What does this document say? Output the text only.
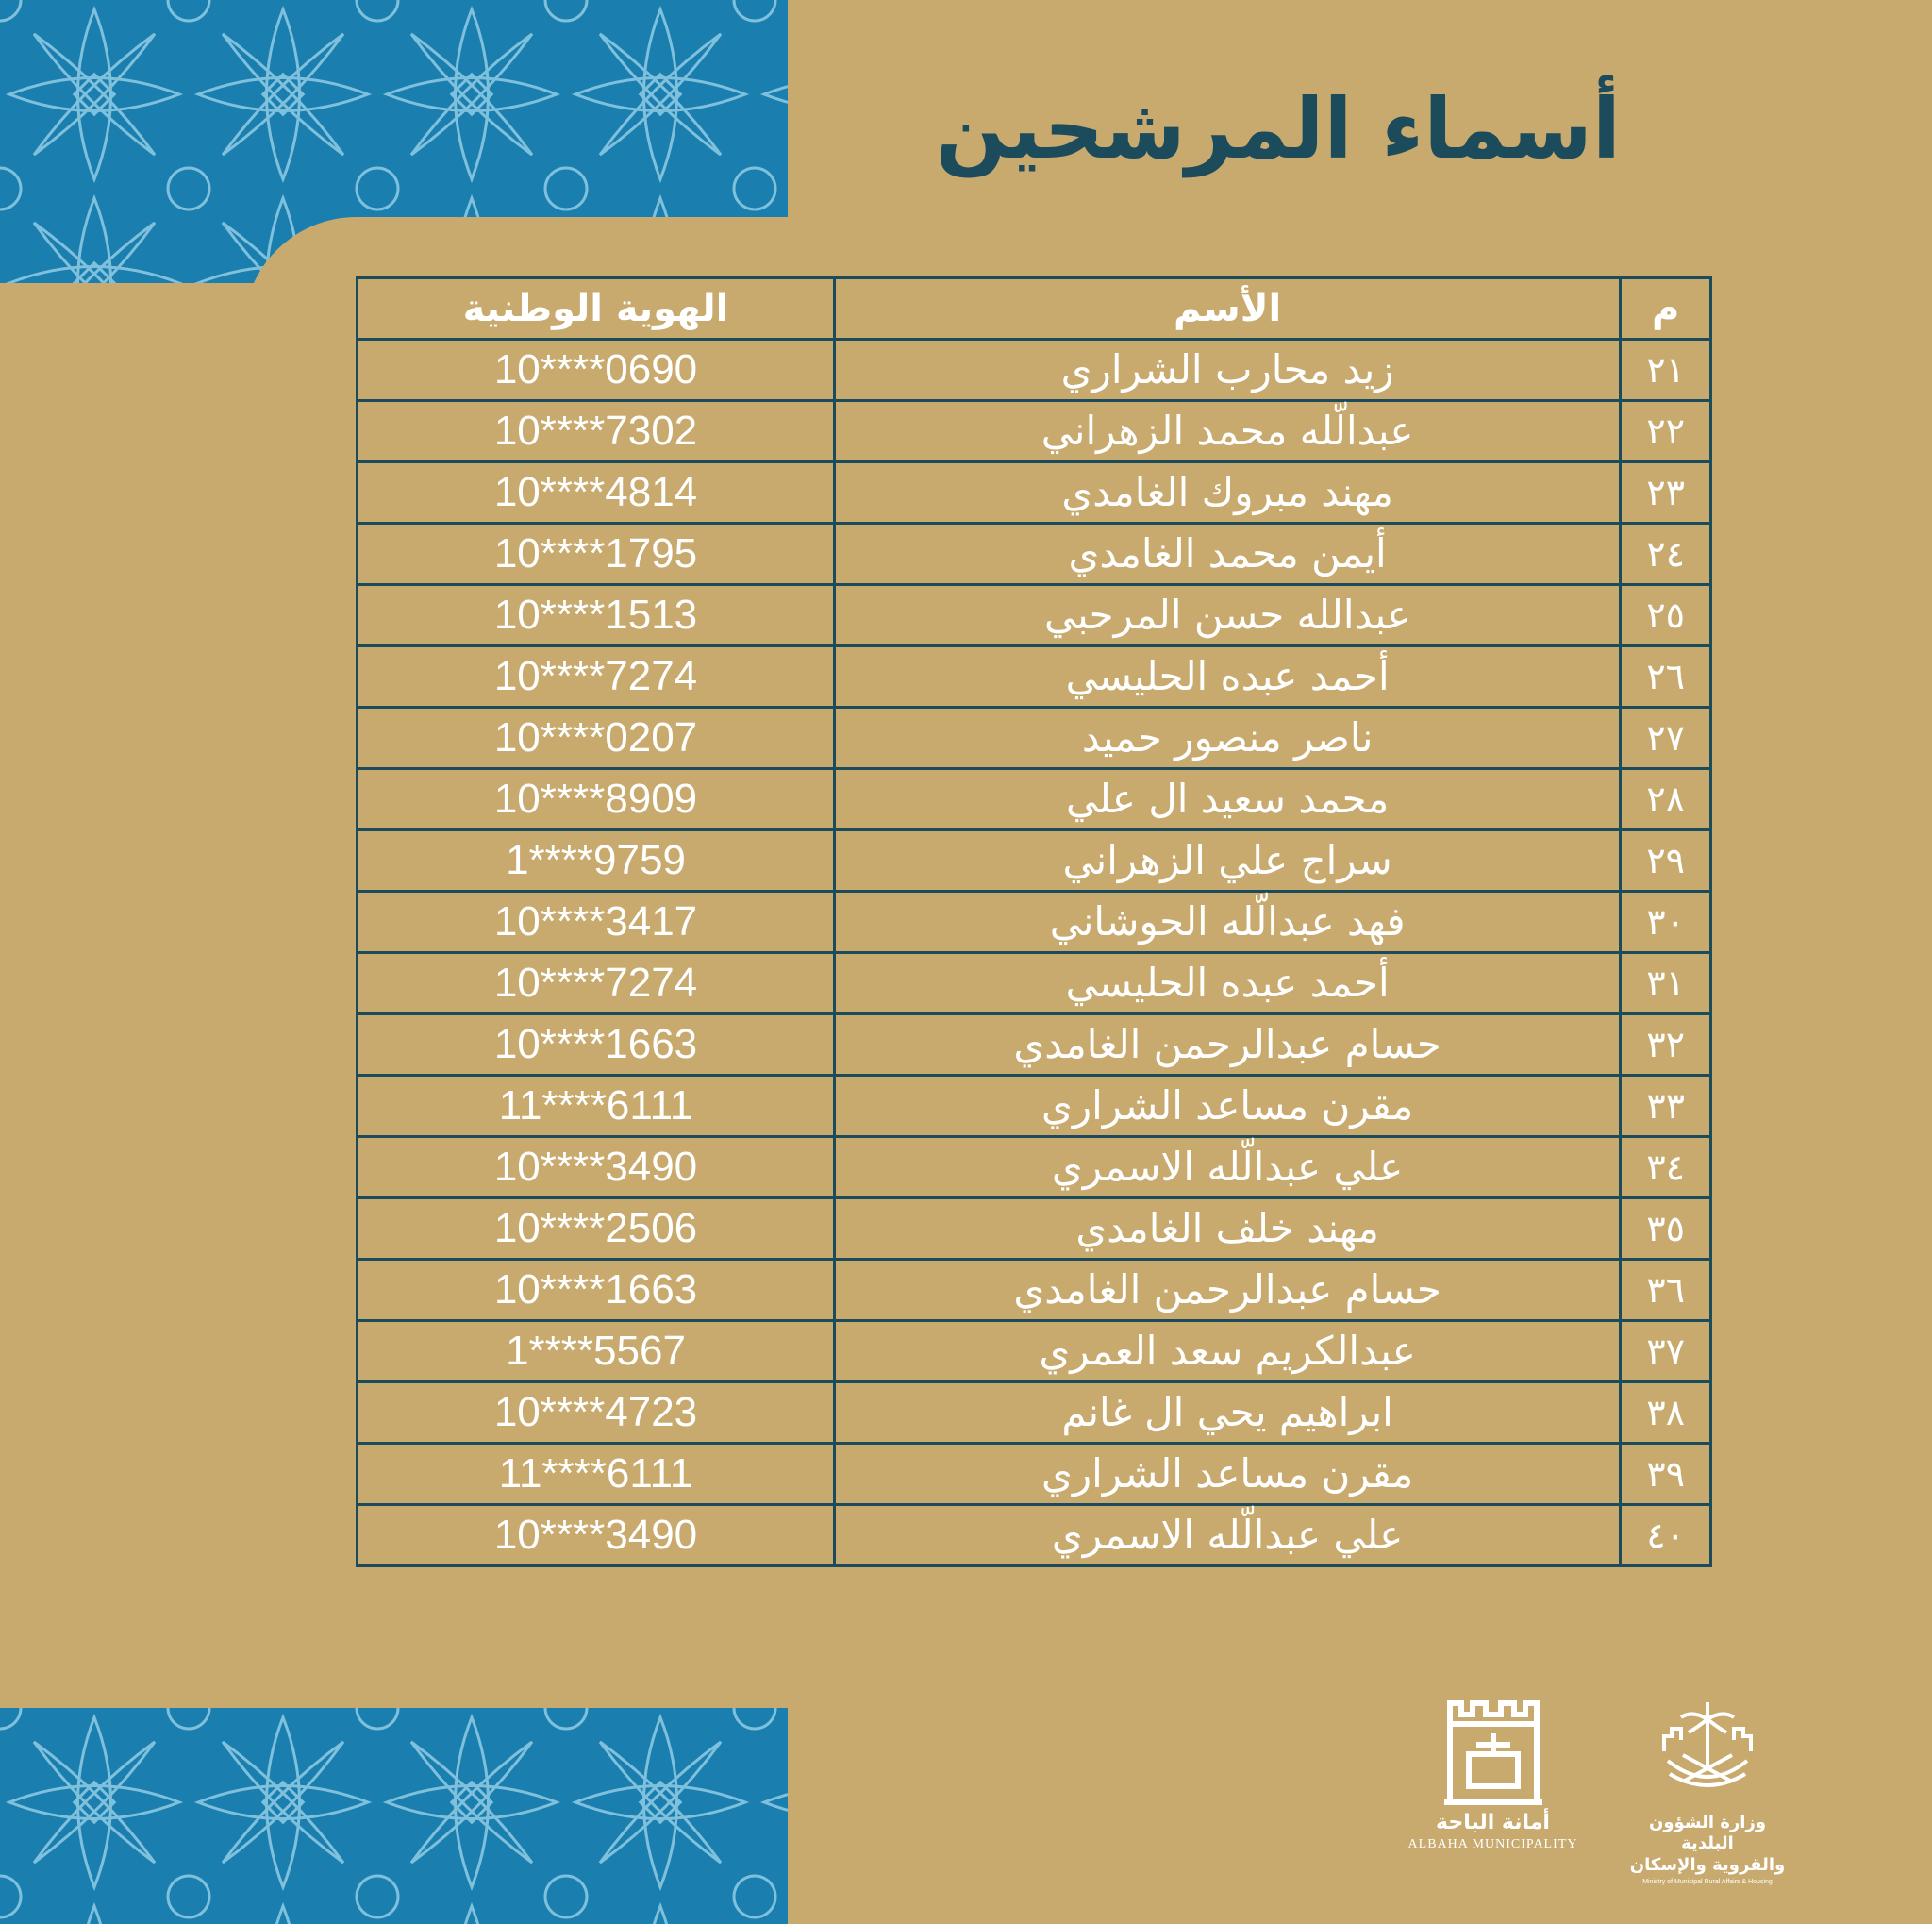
أسماء المرشحين
م	الأسم	الهوية الوطنية
٢١	زيد محارب الشراري	10****0690
٢٢	عبدالّله محمد الزهراني	10****7302
٢٣	مهند مبروك الغامدي	10****4814
٢٤	أيمن محمد الغامدي	10****1795
٢٥	عبدالله حسن المرحبي	10****1513
٢٦	أحمد عبده الحليسي	10****7274
٢٧	ناصر منصور حميد	10****0207
٢٨	محمد سعيد ال علي	10****8909
٢٩	سراج علي الزهراني	1****9759
٣٠	فهد عبدالّله الحوشاني	10****3417
٣١	أحمد عبده الحليسي	10****7274
٣٢	حسام عبدالرحمن الغامدي	10****1663
٣٣	مقرن مساعد الشراري	11****6111
٣٤	علي عبدالّله الاسمري	10****3490
٣٥	مهند خلف الغامدي	10****2506
٣٦	حسام عبدالرحمن الغامدي	10****1663
٣٧	عبدالكريم سعد العمري	1****5567
٣٨	ابراهيم يحي ال غانم	10****4723
٣٩	مقرن مساعد الشراري	11****6111
٤٠	علي عبدالّله الاسمري	10****3490
أمانة الباحة
ALBAHA MUNICIPALITY
وزارة الشؤون البلدية
والقروية والإسكان
Ministry of Municipal Rural Affairs & Housing
